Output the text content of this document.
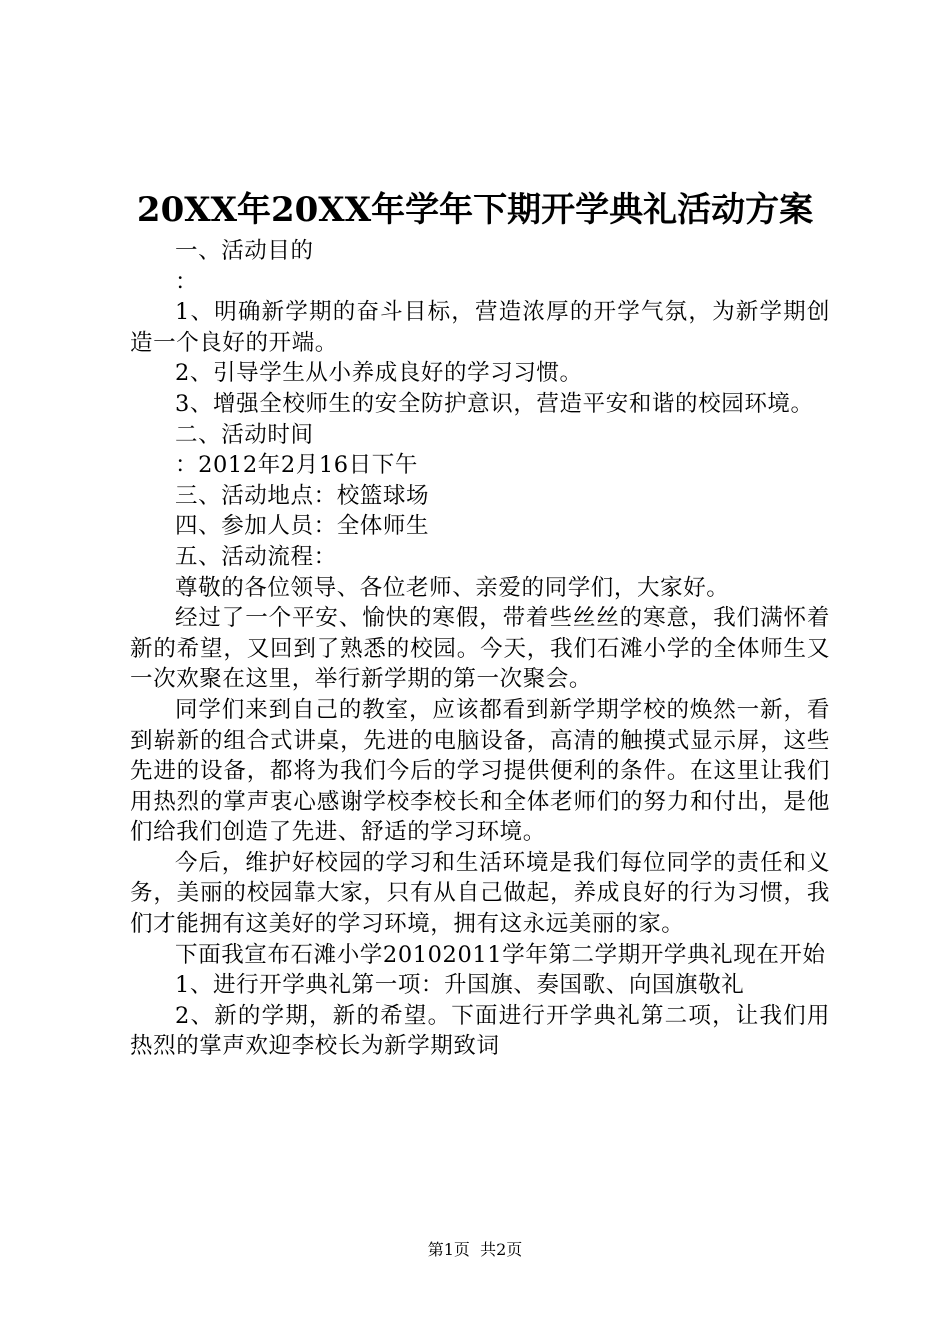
20XX年20XX年学年下期开学典礼活动方案

一、活动目的

：

1、明确新学期的奋斗目标，营造浓厚的开学气氛，为新学期创造一个良好的开端。

2、引导学生从小养成良好的学习习惯。

3、增强全校师生的安全防护意识，营造平安和谐的校园环境。

二、活动时间

：2012年2月16日下午

三、活动地点：校篮球场

四、参加人员：全体师生

五、活动流程：

尊敬的各位领导、各位老师、亲爱的同学们，大家好。

经过了一个平安、愉快的寒假，带着些丝丝的寒意，我们满怀着新的希望，又回到了熟悉的校园。今天，我们石滩小学的全体师生又一次欢聚在这里，举行新学期的第一次聚会。

同学们来到自己的教室，应该都看到新学期学校的焕然一新，看到崭新的组合式讲桌，先进的电脑设备，高清的触摸式显示屏，这些先进的设备，都将为我们今后的学习提供便利的条件。在这里让我们用热烈的掌声衷心感谢学校李校长和全体老师们的努力和付出，是他们给我们创造了先进、舒适的学习环境。

今后，维护好校园的学习和生活环境是我们每位同学的责任和义务，美丽的校园靠大家，只有从自己做起，养成良好的行为习惯，我们才能拥有这美好的学习环境，拥有这永远美丽的家。

下面我宣布石滩小学20102011学年第二学期开学典礼现在开始

1、进行开学典礼第一项：升国旗、奏国歌、向国旗敬礼

2、新的学期，新的希望。下面进行开学典礼第二项，让我们用热烈的掌声欢迎李校长为新学期致词

第1页 共2页
